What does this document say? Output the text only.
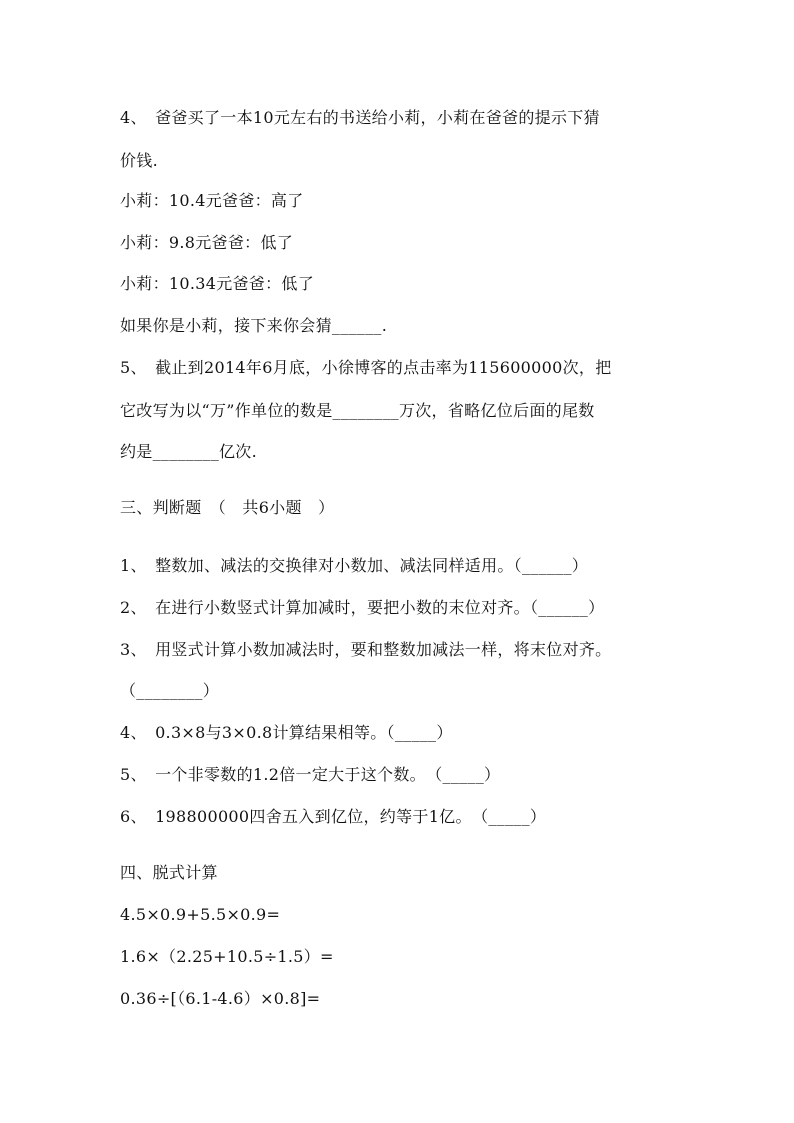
4、　爸爸买了一本10元左右的书送给小莉，小莉在爸爸的提示下猜
价钱.
小莉：10.4元爸爸：高了
小莉：9.8元爸爸：低了
小莉：10.34元爸爸：低了
如果你是小莉，接下来你会猜______.
5、　截止到2014年6月底，小徐博客的点击率为115600000次，把
它改写为以“万”作单位的数是________万次，省略亿位后面的尾数
约是________亿次.
三、判断题　（　共6小题　）
1、　整数加、减法的交换律对小数加、减法同样适用。（______）
2、　在进行小数竖式计算加减时，要把小数的末位对齐。（______）
3、　用竖式计算小数加减法时，要和整数加减法一样，将末位对齐。
（________）
4、　0.3×8与3×0.8计算结果相等。（_____）
5、　一个非零数的1.2倍一定大于这个数。　（_____）
6、　198800000四舍五入到亿位，约等于1亿。　（_____）
四、脱式计算
4.5×0.9+5.5×0.9=
1.6×（2.25+10.5÷1.5）=
0.36÷[（6.1-4.6）×0.8]=
